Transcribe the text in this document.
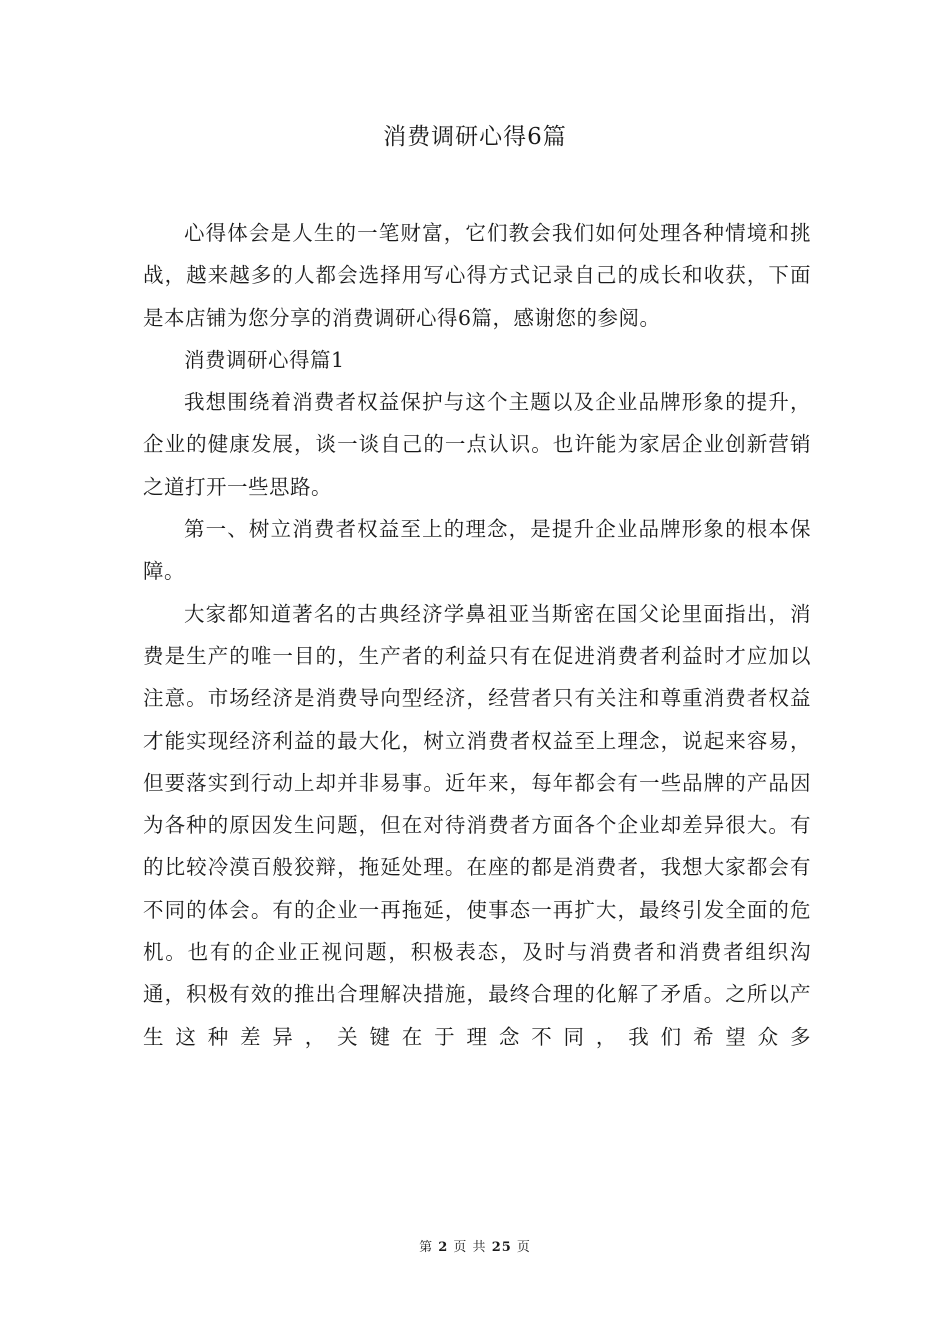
消费调研心得6篇

心得体会是人生的一笔财富，它们教会我们如何处理各种情境和挑战，越来越多的人都会选择用写心得方式记录自己的成长和收获，下面是本店铺为您分享的消费调研心得6篇，感谢您的参阅。

消费调研心得篇1

我想围绕着消费者权益保护与这个主题以及企业品牌形象的提升，企业的健康发展，谈一谈自己的一点认识。也许能为家居企业创新营销之道打开一些思路。

第一、树立消费者权益至上的理念，是提升企业品牌形象的根本保障。

大家都知道著名的古典经济学鼻祖亚当斯密在国父论里面指出，消费是生产的唯一目的，生产者的利益只有在促进消费者利益时才应加以注意。市场经济是消费导向型经济，经营者只有关注和尊重消费者权益才能实现经济利益的最大化，树立消费者权益至上理念，说起来容易，但要落实到行动上却并非易事。近年来，每年都会有一些品牌的产品因为各种的原因发生问题，但在对待消费者方面各个企业却差异很大。有的比较冷漠百般狡辩，拖延处理。在座的都是消费者，我想大家都会有不同的体会。有的企业一再拖延，使事态一再扩大，最终引发全面的危机。也有的企业正视问题，积极表态，及时与消费者和消费者组织沟通，积极有效的推出合理解决措施，最终合理的化解了矛盾。之所以产生这种差异，关键在于理念不同，我们希望众多

第 2 页 共 25 页
